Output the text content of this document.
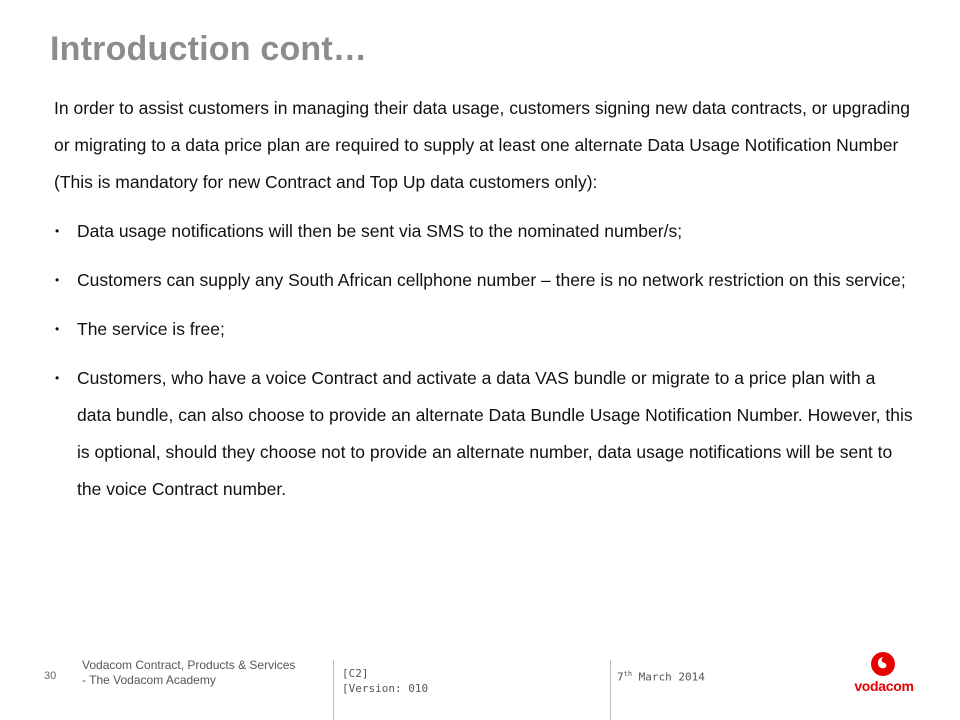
Introduction cont…

In order to assist customers in managing their data usage, customers signing new data contracts, or upgrading or migrating to a data price plan are required to supply at least one alternate Data Usage Notification Number (This is mandatory for new Contract and Top Up data customers only):

• Data usage notifications will then be sent via SMS to the nominated number/s;
• Customers can supply any South African cellphone number – there is no network restriction on this service;
• The service is free;
• Customers, who have a voice Contract and activate a data VAS bundle or migrate to a price plan with a data bundle, can also choose to provide an alternate Data Bundle Usage Notification Number. However, this is optional, should they choose not to provide an alternate number, data usage notifications will be sent to the voice Contract number.
30
Vodacom Contract, Products & Services - The Vodacom Academy	[C2]
[Version: 010
7th March 2014
vodacom
